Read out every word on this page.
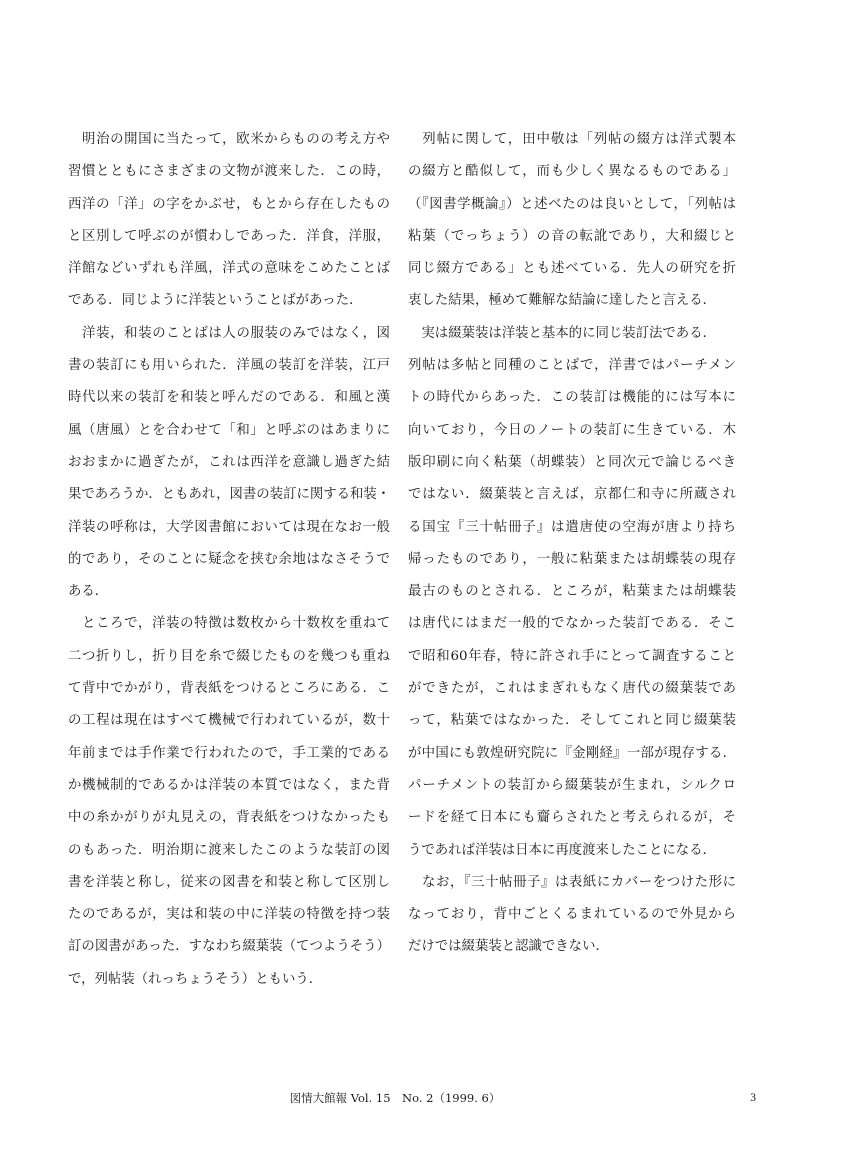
　明治の開国に当たって，欧米からものの考え方や
習慣とともにさまざまの文物が渡来した．この時，
西洋の「洋」の字をかぶせ，もとから存在したもの
と区別して呼ぶのが慣わしであった．洋食，洋服，
洋館などいずれも洋風，洋式の意味をこめたことば
である．同じように洋装ということばがあった．
　洋装，和装のことばは人の服装のみではなく，図
書の装訂にも用いられた．洋風の装訂を洋装，江戸
時代以来の装訂を和装と呼んだのである．和風と漢
風（唐風）とを合わせて「和」と呼ぶのはあまりに
おおまかに過ぎたが，これは西洋を意識し過ぎた結
果であろうか．ともあれ，図書の装訂に関する和装・
洋装の呼称は，大学図書館においては現在なお一般
的であり，そのことに疑念を挟む余地はなさそうで
ある．
　ところで，洋装の特徴は数枚から十数枚を重ねて
二つ折りし，折り目を糸で綴じたものを幾つも重ね
て背中でかがり，背表紙をつけるところにある．こ
の工程は現在はすべて機械で行われているが，数十
年前までは手作業で行われたので，手工業的である
か機械制的であるかは洋装の本質ではなく，また背
中の糸かがりが丸見えの，背表紙をつけなかったも
のもあった．明治期に渡来したこのような装訂の図
書を洋装と称し，従来の図書を和装と称して区別し
たのであるが，実は和装の中に洋装の特徴を持つ装
訂の図書があった．すなわち綴葉装（てつようそう）
で，列帖装（れっちょうそう）ともいう．
　列帖に関して，田中敬は「列帖の綴方は洋式製本
の綴方と酷似して，而も少しく異なるものである」
（『図書学概論』）と述べたのは良いとして，「列帖は
粘葉（でっちょう）の音の転訛であり，大和綴じと
同じ綴方である」とも述べている．先人の研究を折
衷した結果，極めて難解な結論に達したと言える．
　実は綴葉装は洋装と基本的に同じ装訂法である．
列帖は多帖と同種のことばで，洋書ではパーチメン
トの時代からあった．この装訂は機能的には写本に
向いており，今日のノートの装訂に生きている．木
版印刷に向く粘葉（胡蝶装）と同次元で論じるべき
ではない．綴葉装と言えば，京都仁和寺に所蔵され
る国宝『三十帖冊子』は遣唐使の空海が唐より持ち
帰ったものであり，一般に粘葉または胡蝶装の現存
最古のものとされる．ところが，粘葉または胡蝶装
は唐代にはまだ一般的でなかった装訂である．そこ
で昭和60年春，特に許され手にとって調査すること
ができたが，これはまぎれもなく唐代の綴葉装であ
って，粘葉ではなかった．そしてこれと同じ綴葉装
が中国にも敦煌研究院に『金剛経』一部が現存する．
パーチメントの装訂から綴葉装が生まれ，シルクロ
ードを経て日本にも齎らされたと考えられるが，そ
うであれば洋装は日本に再度渡来したことになる．
　なお，『三十帖冊子』は表紙にカバーをつけた形に
なっており，背中ごとくるまれているので外見から
だけでは綴葉装と認識できない．
図情大館報 Vol. 15　No. 2（1999. 6）	3
